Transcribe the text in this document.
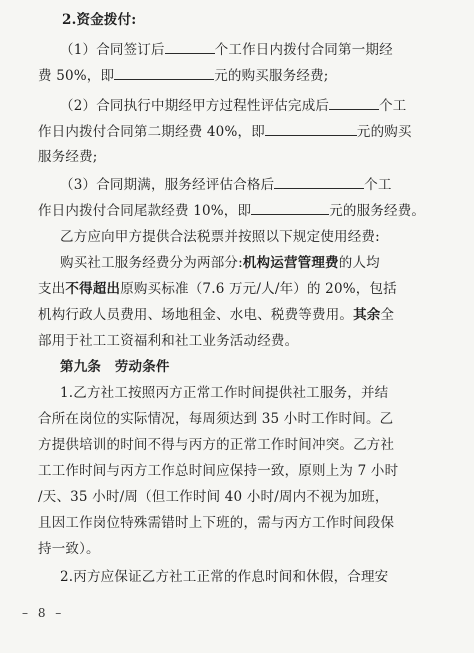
2.资金拨付:
（1）合同签订后	个工作日内拨付合同第一期经
费 50%，即	元的购买服务经费;
（2）合同执行中期经甲方过程性评估完成后	个工
作日内拨付合同第二期经费 40%，即	元的购买
服务经费;
（3）合同期满，服务经评估合格后	个工
作日内拨付合同尾款经费 10%，即	元的服务经费。
乙方应向甲方提供合法税票并按照以下规定使用经费:
购买社工服务经费分为两部分:机构运营管理费的人均
支出不得超出原购买标准（7.6 万元/人/年）的 20%，包括
机构行政人员费用、场地租金、水电、税费等费用。其余全
部用于社工工资福利和社工业务活动经费。
第九条　劳动条件
1.乙方社工按照丙方正常工作时间提供社工服务，并结
合所在岗位的实际情况，每周须达到 35 小时工作时间。乙
方提供培训的时间不得与丙方的正常工作时间冲突。乙方社
工工作时间与丙方工作总时间应保持一致，原则上为 7 小时
/天、35 小时/周（但工作时间 40 小时/周内不视为加班，
且因工作岗位特殊需错时上下班的，需与丙方工作时间段保
持一致）。
2.丙方应保证乙方社工正常的作息时间和休假，合理安
– 8 –
